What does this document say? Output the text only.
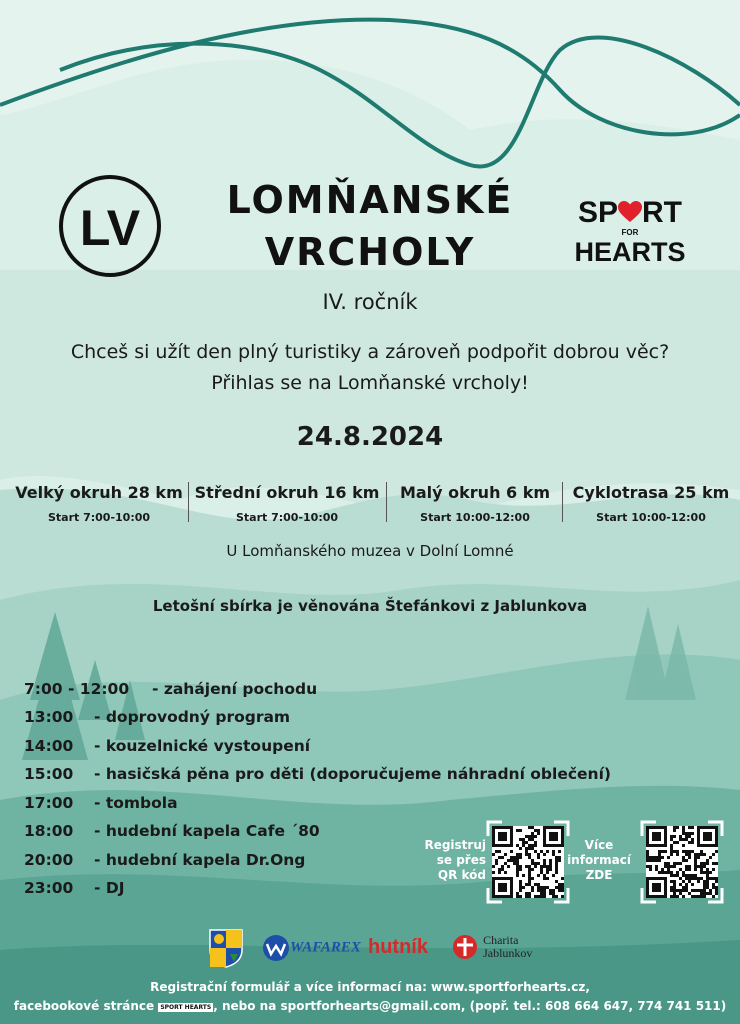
LV	LOMŇANSKÉ
VRCHOLY
SP RT
FOR
HEARTS
IV. ročník
Chceš si užít den plný turistiky a zároveň podpořit dobrou věc?
Přihlas se na Lomňanské vrcholy!
24.8.2024
Velký okruh 28 km
Start 7:00-10:00
Střední okruh 16 km
Start 7:00-10:00
Malý okruh 6 km
Start 10:00-12:00
Cyklotrasa 25 km
Start 10:00-12:00
U Lomňanského muzea v Dolní Lomné
Letošní sbírka je věnována Štefánkovi z Jablunkova
7:00 - 12:00 - zahájení pochodu
13:00 - doprovodný program
14:00 - kouzelnické vystoupení
15:00 - hasičská pěna pro děti (doporučujeme náhradní oblečení)
17:00 - tombola
18:00 - hudební kapela Cafe ´80
20:00 - hudební kapela Dr.Ong
23:00 - DJ
Registruj
se přes
QR kód
Více
informací
ZDE
WAFAREX hutník	Charita
Jablunkov
Registrační formulář a více informací na: www.sportforhearts.cz,
facebookové stránce SPORT HEARTS , nebo na sportforhearts@gmail.com, (popř. tel.: 608 664 647, 774 741 511)
